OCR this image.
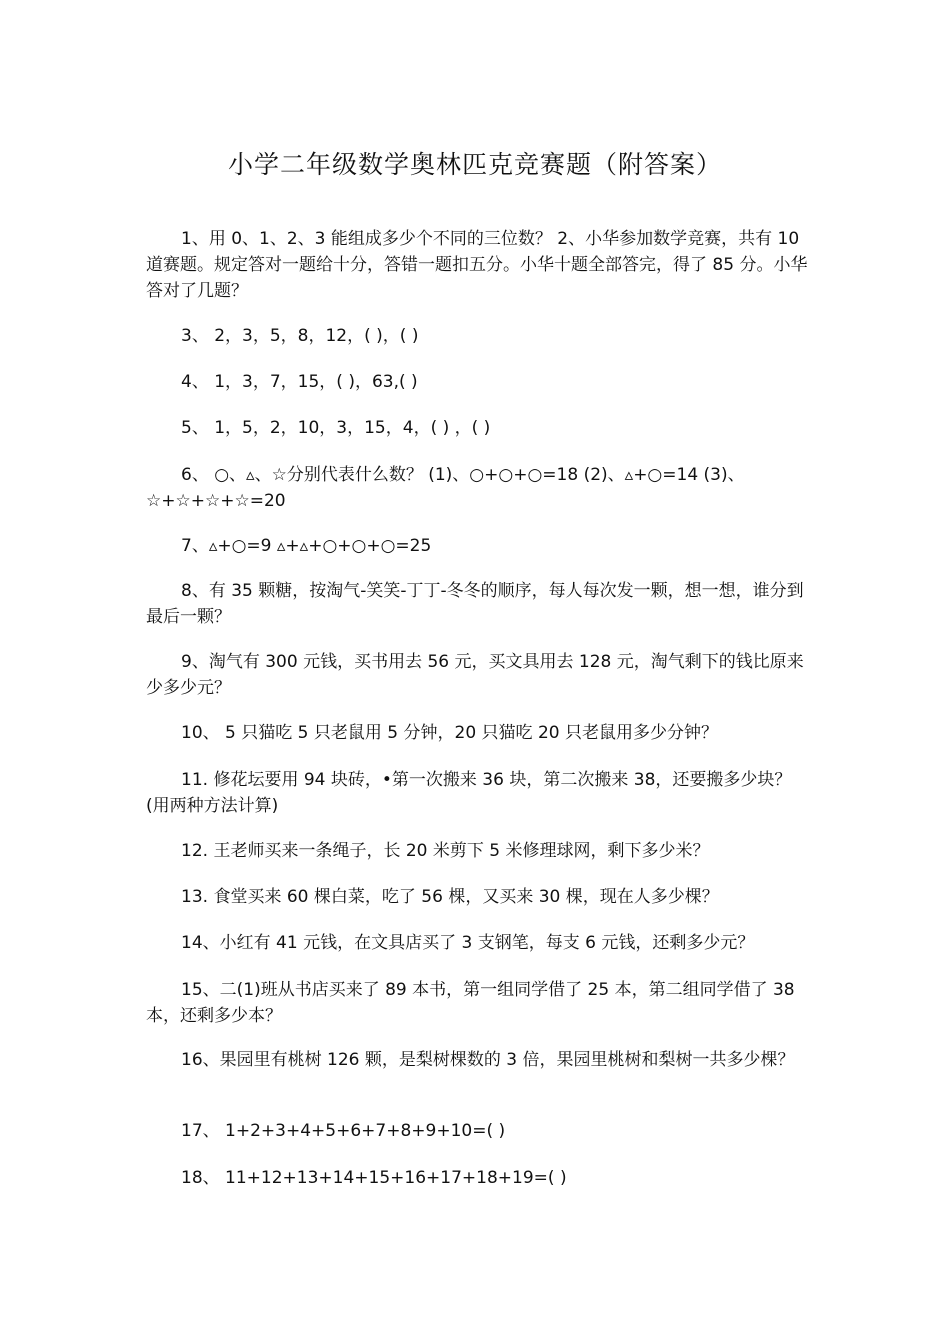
小学二年级数学奥林匹克竞赛题（附答案）
1、用 0、1、2、3 能组成多少个不同的三位数？ 2、小华参加数学竞赛，共有 10 道赛题。规定答对一题给十分，答错一题扣五分。小华十题全部答完，得了 85 分。小华答对了几题？
3、 2，3，5，8，12，( )，( )
4、 1，3，7，15，( )，63,( )
5、 1，5，2，10，3，15，4，( ) ，( )
6、 ○、▵、☆分别代表什么数？ (1)、○+○+○=18 (2)、▵+○=14 (3)、☆+☆+☆+☆=20
7、▵+○=9 ▵+▵+○+○+○=25
8、有 35 颗糖，按淘气-笑笑-丁丁-冬冬的顺序，每人每次发一颗，想一想，谁分到最后一颗？
9、淘气有 300 元钱，买书用去 56 元，买文具用去 128 元，淘气剩下的钱比原来少多少元？
10、 5 只猫吃 5 只老鼠用 5 分钟，20 只猫吃 20 只老鼠用多少分钟？
11. 修花坛要用 94 块砖，•第一次搬来 36 块，第二次搬来 38，还要搬多少块？(用两种方法计算)
12. 王老师买来一条绳子，长 20 米剪下 5 米修理球网，剩下多少米？
13. 食堂买来 60 棵白菜，吃了 56 棵，又买来 30 棵，现在人多少棵？
14、小红有 41 元钱，在文具店买了 3 支钢笔，每支 6 元钱，还剩多少元？
15、二(1)班从书店买来了 89 本书，第一组同学借了 25 本，第二组同学借了 38 本，还剩多少本？
16、果园里有桃树 126 颗，是梨树棵数的 3 倍，果园里桃树和梨树一共多少棵？
17、 1+2+3+4+5+6+7+8+9+10=( )
18、 11+12+13+14+15+16+17+18+19=( )
